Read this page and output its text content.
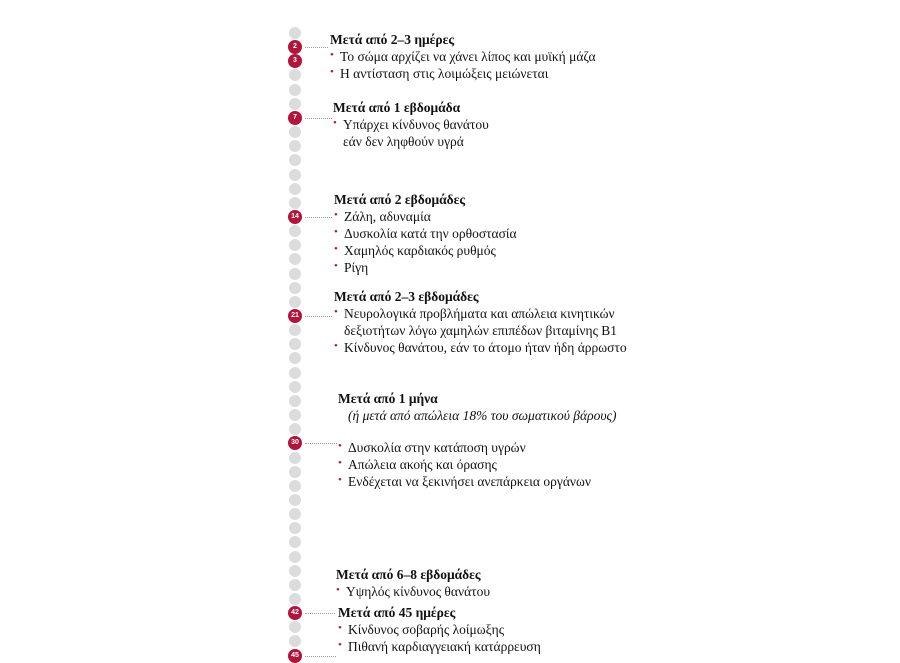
2	Μετά από 2–3 ημέρες
• Το σώμα αρχίζει να χάνει λίπος και μυϊκή μάζα
• Η αντίσταση στις λοιμώξεις μειώνεται
7
Μετά από 1 εβδομάδα
• Υπάρχει κίνδυνος θανάτου
εάν δεν ληφθούν υγρά
14
Μετά από 2 εβδομάδες
• Ζάλη, αδυναμία
• Δυσκολία κατά την ορθοστασία
• Χαμηλός καρδιακός ρυθμός
• Ρίγη
21
Μετά από 2–3 εβδομάδες
• Νευρολογικά προβλήματα και απώλεια κινητικών
δεξιοτήτων λόγω χαμηλών επιπέδων βιταμίνης Β1
• Κίνδυνος θανάτου, εάν το άτομο ήταν ήδη άρρωστο
30
Μετά από 1 μήνα
(ή μετά από απώλεια 18% του σωματικού βάρους)
• Δυσκολία στην κατάποση υγρών
• Απώλεια ακοής και όρασης
• Ενδέχεται να ξεκινήσει ανεπάρκεια οργάνων
42
Μετά από 6–8 εβδομάδες
• Υψηλός κίνδυνος θανάτου
45
Μετά από 45 ημέρες
• Κίνδυνος σοβαρής λοίμωξης
• Πιθανή καρδιαγγειακή κατάρρευση
3
